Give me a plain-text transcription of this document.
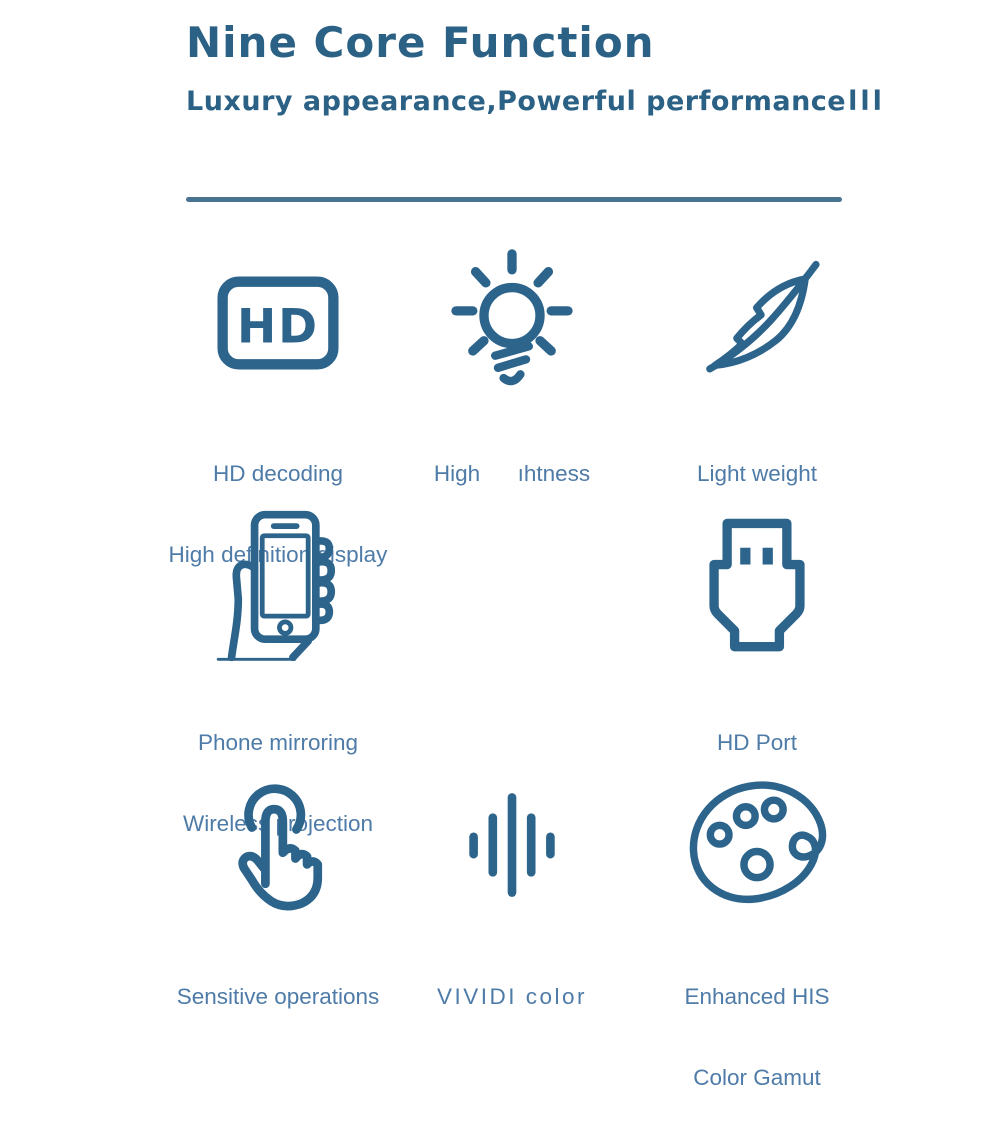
Nine Core Function
Luxury appearance,Powerful performancelll
HD

HD decoding

High definition display

High      ıhtness

	Light weight

Phone mirroring

Wireless projection

HD Port

Sensitive operations

	VIVIDI color

	Enhanced HIS

Color Gamut
